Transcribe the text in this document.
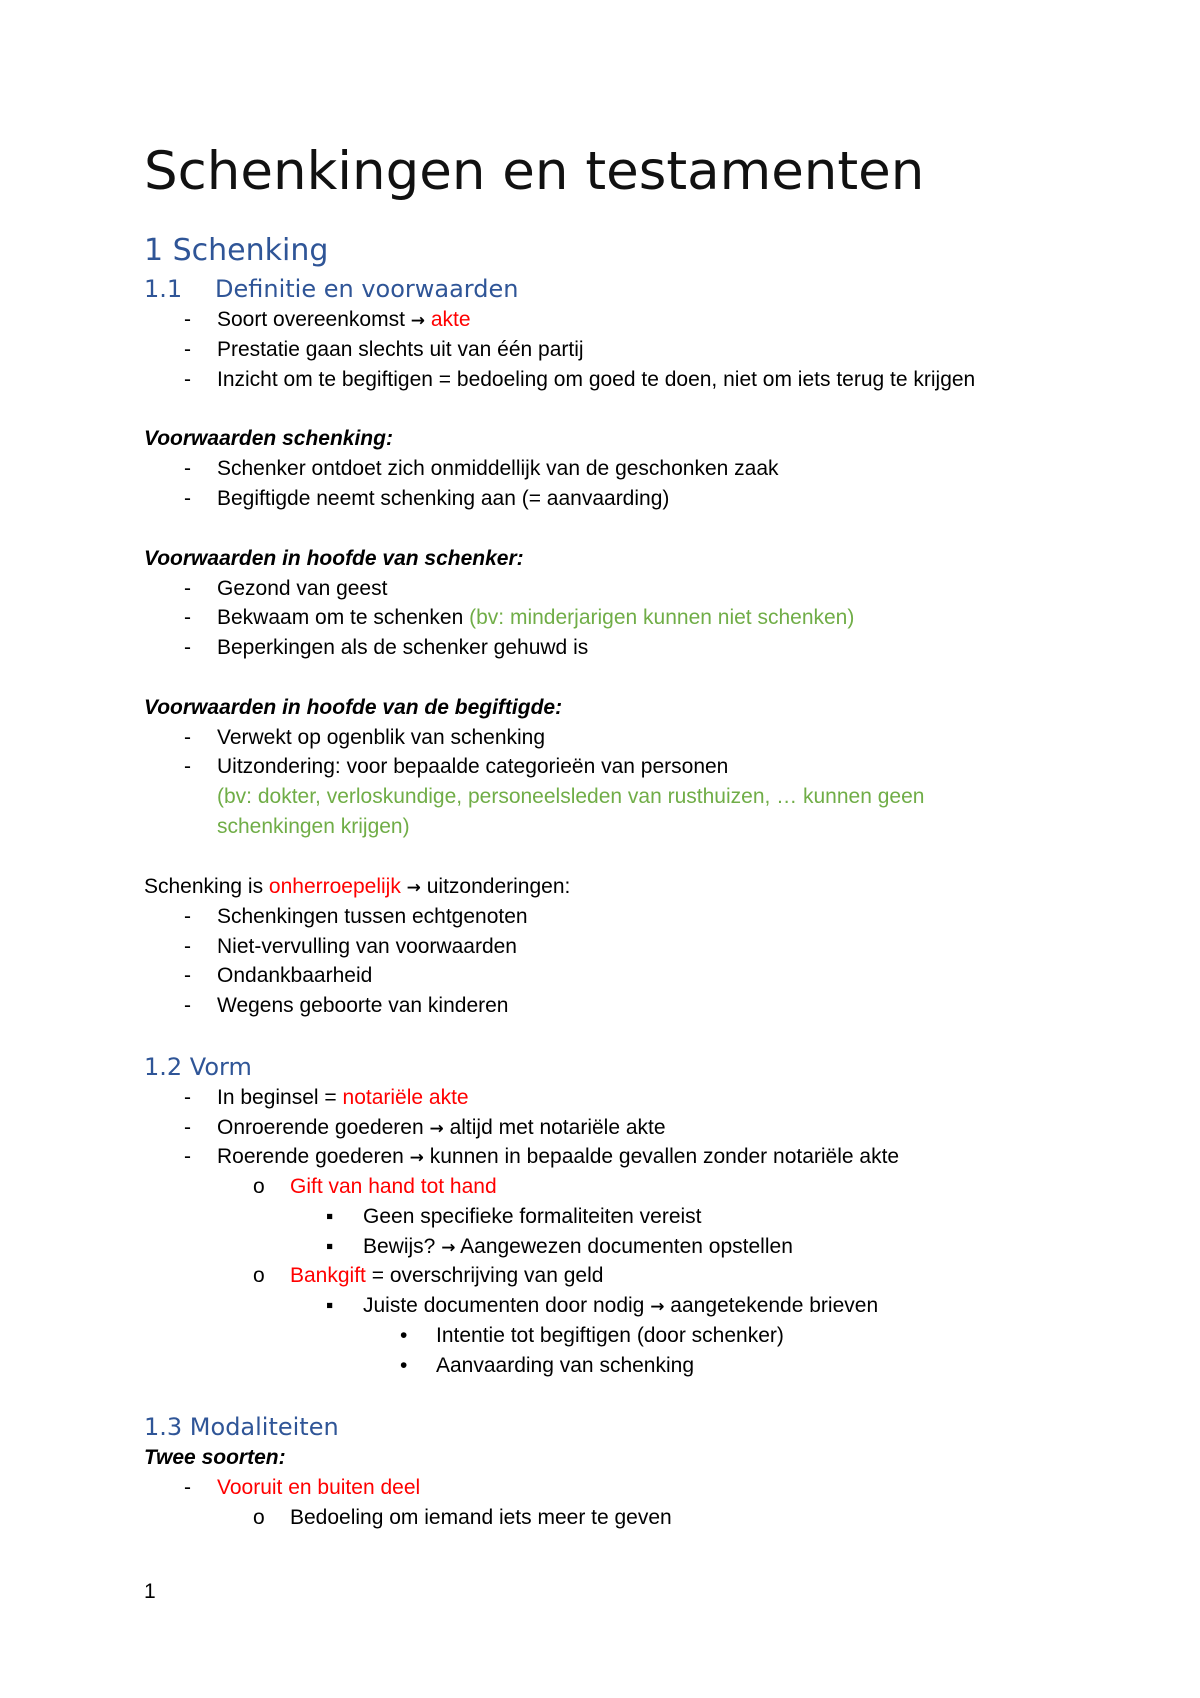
Schenkingen en testamenten
1 Schenking
1.1 Definitie en voorwaarden
- Soort overeenkomst → akte
- Prestatie gaan slechts uit van één partij
- Inzicht om te begiftigen = bedoeling om goed te doen, niet om iets terug te krijgen
Voorwaarden schenking:
- Schenker ontdoet zich onmiddellijk van de geschonken zaak
- Begiftigde neemt schenking aan (= aanvaarding)
Voorwaarden in hoofde van schenker:
- Gezond van geest
- Bekwaam om te schenken (bv: minderjarigen kunnen niet schenken)
- Beperkingen als de schenker gehuwd is
Voorwaarden in hoofde van de begiftigde:
- Verwekt op ogenblik van schenking
- Uitzondering: voor bepaalde categorieën van personen
(bv: dokter, verloskundige, personeelsleden van rusthuizen, … kunnen geen
schenkingen krijgen)
Schenking is onherroepelijk → uitzonderingen:
- Schenkingen tussen echtgenoten
- Niet-vervulling van voorwaarden
- Ondankbaarheid
- Wegens geboorte van kinderen
1.2 Vorm
- In beginsel = notariële akte
- Onroerende goederen → altijd met notariële akte
- Roerende goederen → kunnen in bepaalde gevallen zonder notariële akte
o Gift van hand tot hand
▪ Geen specifieke formaliteiten vereist
▪ Bewijs? → Aangewezen documenten opstellen
o Bankgift = overschrijving van geld
▪ Juiste documenten door nodig → aangetekende brieven
• Intentie tot begiftigen (door schenker)
• Aanvaarding van schenking
1.3 Modaliteiten
Twee soorten:
- Vooruit en buiten deel
o Bedoeling om iemand iets meer te geven
1
